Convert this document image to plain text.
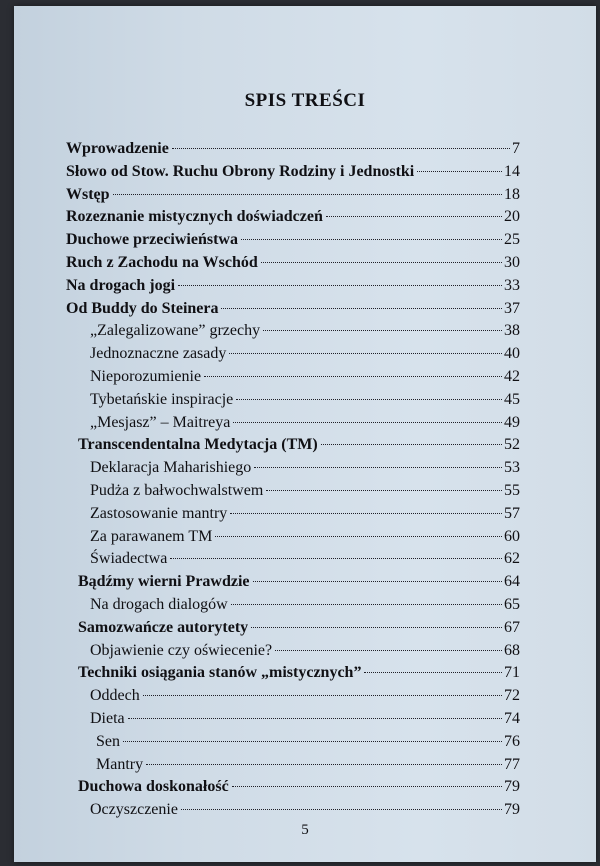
SPIS TREŚCI
Wprowadzenie	7
Słowo od Stow. Ruchu Obrony Rodziny i Jednostki	14
Wstęp	18
Rozeznanie mistycznych doświadczeń	20
Duchowe przeciwieństwa	25
Ruch z Zachodu na Wschód	30
Na drogach jogi	33
Od Buddy do Steinera	37
„Zalegalizowane” grzechy	38
Jednoznaczne zasady	40
Nieporozumienie	42
Tybetańskie inspiracje	45
„Mesjasz” – Maitreya	49
Transcendentalna Medytacja (TM)	52
Deklaracja Maharishiego	53
Pudża z bałwochwalstwem	55
Zastosowanie mantry	57
Za parawanem TM	60
Świadectwa	62
Bądźmy wierni Prawdzie	64
Na drogach dialogów	65
Samozwańcze autorytety	67
Objawienie czy oświecenie?	68
Techniki osiągania stanów „mistycznych”	71
Oddech	72
Dieta	74
Sen	76
Mantry	77
Duchowa doskonałość	79
Oczyszczenie	79
5
